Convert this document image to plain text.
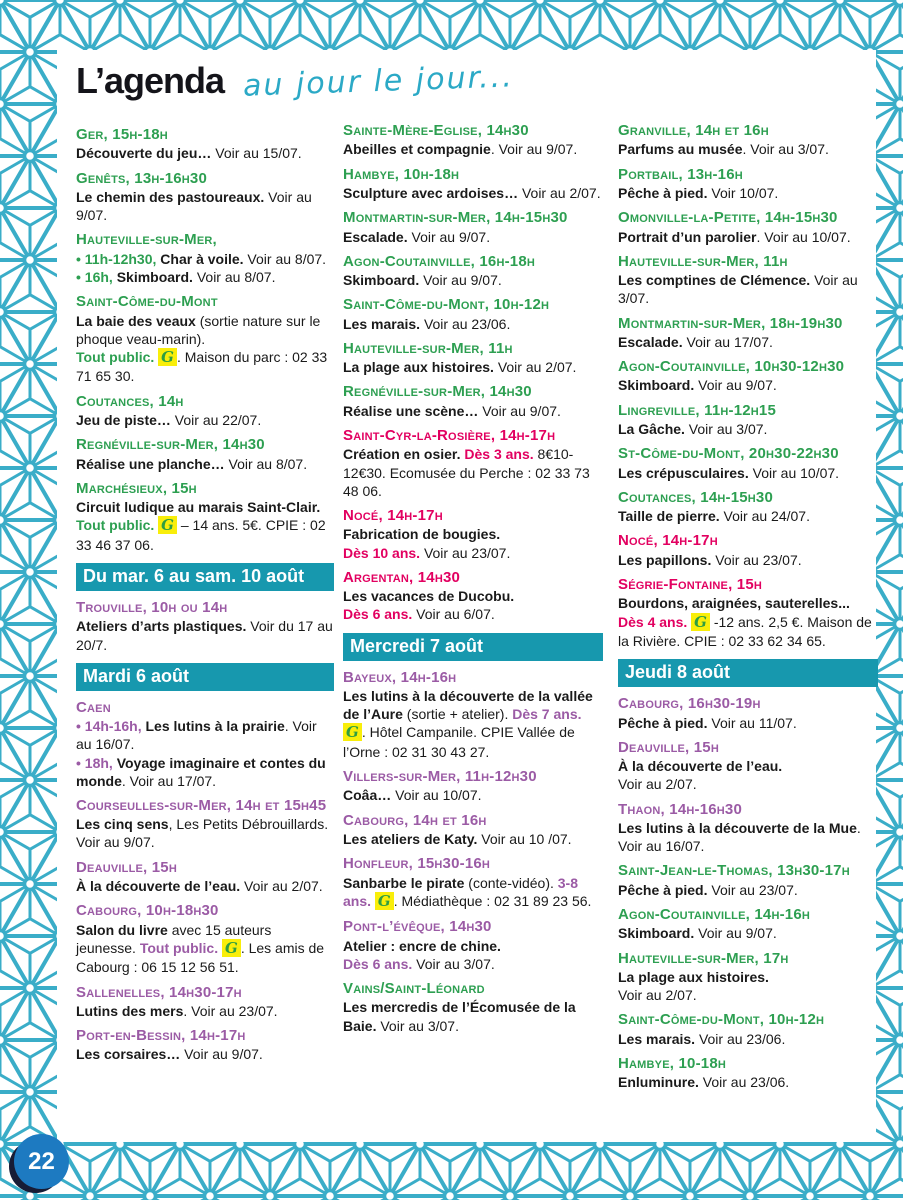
L’agenda au jour le jour...
Ger, 15h-18h

Découverte du jeu… Voir au 15/07.

Genêts, 13h-16h30

Le chemin des pastoureaux. Voir au 9/07.

Hauteville-sur-Mer,

• 11h-12h30, Char à voile. Voir au 8/07.

• 16h, Skimboard. Voir au 8/07.

Saint-Côme-du-Mont

La baie des veaux (sortie nature sur le phoque veau-marin).

Tout public. G . Maison du parc : 02 33 71 65 30.

Coutances, 14h

Jeu de piste… Voir au 22/07.

Regnéville-sur-Mer, 14h30

Réalise une planche… Voir au 8/07.

Marchésieux, 15h

Circuit ludique au marais Saint-Clair.

Tout public. G – 14 ans. 5€. CPIE : 02 33 46 37 06.

Du mar. 6 au sam. 10 août
Trouville, 10h ou 14h

Ateliers d’arts plastiques. Voir du 17 au 20/7.

Mardi 6 août
Caen

• 14h-16h, Les lutins à la prairie. Voir au 16/07.

• 18h, Voyage imaginaire et contes du monde. Voir au 17/07.

Courseulles-sur-Mer, 14h et 15h45

Les cinq sens, Les Petits Débrouillards. Voir au 9/07.

Deauville, 15h

À la découverte de l’eau. Voir au 2/07.

Cabourg, 10h-18h30

Salon du livre avec 15 auteurs jeunesse. Tout public. G . Les amis de Cabourg : 06 15 12 56 51.

Sallenelles, 14h30-17h

Lutins des mers. Voir au 23/07.

Port-en-Bessin, 14h-17h

Les corsaires… Voir au 9/07.

Sainte-Mère-Eglise, 14h30

Abeilles et compagnie. Voir au 9/07.

Hambye, 10h-18h

Sculpture avec ardoises… Voir au 2/07.

Montmartin-sur-Mer, 14h-15h30

Escalade. Voir au 9/07.

Agon-Coutainville, 16h-18h

Skimboard. Voir au 9/07.

Saint-Côme-du-Mont, 10h-12h

Les marais. Voir au 23/06.

Hauteville-sur-Mer, 11h

La plage aux histoires. Voir au 2/07.

Regnéville-sur-Mer, 14h30

Réalise une scène… Voir au 9/07.

Saint-Cyr-la-Rosière, 14h-17h

Création en osier. Dès 3 ans. 8€10-12€30. Ecomusée du Perche : 02 33 73 48 06.

Nocé, 14h-17h

Fabrication de bougies.

Dès 10 ans. Voir au 23/07.

Argentan, 14h30

Les vacances de Ducobu.

Dès 6 ans. Voir au 6/07.

Mercredi 7 août
Bayeux, 14h-16h

Les lutins à la découverte de la vallée de l’Aure (sortie + atelier). Dès 7 ans. G . Hôtel Campanile. CPIE Vallée de l’Orne : 02 31 30 43 27.

Villers-sur-Mer, 11h-12h30

Coâa… Voir au 10/07.

Cabourg, 14h et 16h

Les ateliers de Katy. Voir au 10 /07.

Honfleur, 15h30-16h

Sanbarbe le pirate (conte-vidéo). 3-8 ans. G . Médiathèque : 02 31 89 23 56.

Pont-l’évêque, 14h30

Atelier : encre de chine.

Dès 6 ans. Voir au 3/07.

Vains/Saint-Léonard

Les mercredis de l’Écomusée de la Baie. Voir au 3/07.

Granville, 14h et 16h

Parfums au musée. Voir au 3/07.

Portbail, 13h-16h

Pêche à pied. Voir 10/07.

Omonville-la-Petite, 14h-15h30

Portrait d’un parolier. Voir au 10/07.

Hauteville-sur-Mer, 11h

Les comptines de Clémence. Voir au 3/07.

Montmartin-sur-Mer, 18h-19h30

Escalade. Voir au 17/07.

Agon-Coutainville, 10h30-12h30

Skimboard. Voir au 9/07.

Lingreville, 11h-12h15

La Gâche. Voir au 3/07.

St-Côme-du-Mont, 20h30-22h30

Les crépusculaires. Voir au 10/07.

Coutances, 14h-15h30

Taille de pierre. Voir au 24/07.

Nocé, 14h-17h

Les papillons. Voir au 23/07.

Ségrie-Fontaine, 15h

Bourdons, araignées, sauterelles...

Dès 4 ans. G -12 ans. 2,5 €. Maison de la Rivière. CPIE : 02 33 62 34 65.

Jeudi 8 août
Cabourg, 16h30-19h

Pêche à pied. Voir au 11/07.

Deauville, 15h

À la découverte de l’eau.

Voir au 2/07.

Thaon, 14h-16h30

Les lutins à la découverte de la Mue. Voir au 16/07.

Saint-Jean-le-Thomas, 13h30-17h

Pêche à pied. Voir au 23/07.

Agon-Coutainville, 14h-16h

Skimboard. Voir au 9/07.

Hauteville-sur-Mer, 17h

La plage aux histoires.

Voir au 2/07.

Saint-Côme-du-Mont, 10h-12h

Les marais. Voir au 23/06.

Hambye, 10-18h

Enluminure. Voir au 23/06.

22
